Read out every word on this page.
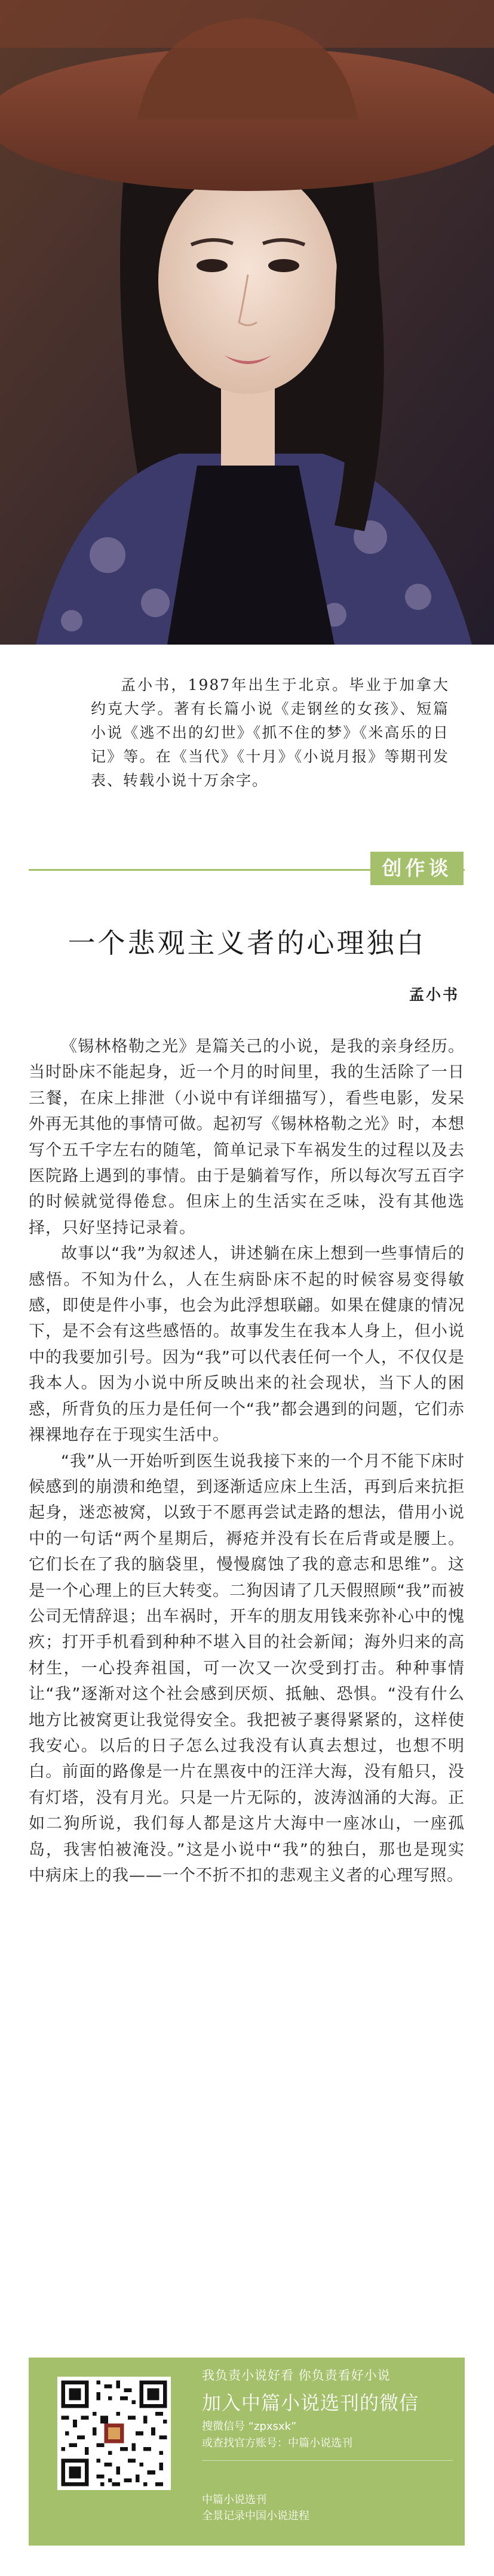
孟小书，1987年出生于北京。毕业于加拿大约克大学。著有长篇小说《走钢丝的女孩》、短篇小说《逃不出的幻世》《抓不住的梦》《米高乐的日记》等。在《当代》《十月》《小说月报》等期刊发表、转载小说十万余字。

创作谈
一个悲观主义者的心理独白
孟小书

《锡林格勒之光》是篇关己的小说，是我的亲身经历。当时卧床不能起身，近一个月的时间里，我的生活除了一日三餐，在床上排泄（小说中有详细描写），看些电影，发呆外再无其他的事情可做。起初写《锡林格勒之光》时，本想写个五千字左右的随笔，简单记录下车祸发生的过程以及去医院路上遇到的事情。由于是躺着写作，所以每次写五百字的时候就觉得倦怠。但床上的生活实在乏味，没有其他选择，只好坚持记录着。

故事以“我”为叙述人，讲述躺在床上想到一些事情后的感悟。不知为什么，人在生病卧床不起的时候容易变得敏感，即使是件小事，也会为此浮想联翩。如果在健康的情况下，是不会有这些感悟的。故事发生在我本人身上，但小说中的我要加引号。因为“我”可以代表任何一个人，不仅仅是我本人。因为小说中所反映出来的社会现状，当下人的困惑，所背负的压力是任何一个“我”都会遇到的问题，它们赤裸裸地存在于现实生活中。

“我”从一开始听到医生说我接下来的一个月不能下床时候感到的崩溃和绝望，到逐渐适应床上生活，再到后来抗拒起身，迷恋被窝，以致于不愿再尝试走路的想法，借用小说中的一句话“两个星期后，褥疮并没有长在后背或是腰上。它们长在了我的脑袋里，慢慢腐蚀了我的意志和思维”。这是一个心理上的巨大转变。二狗因请了几天假照顾“我”而被公司无情辞退；出车祸时，开车的朋友用钱来弥补心中的愧疚；打开手机看到种种不堪入目的社会新闻；海外归来的高材生，一心投奔祖国，可一次又一次受到打击。种种事情让“我”逐渐对这个社会感到厌烦、抵触、恐惧。“没有什么地方比被窝更让我觉得安全。我把被子裹得紧紧的，这样使我安心。以后的日子怎么过我没有认真去想过，也想不明白。前面的路像是一片在黑夜中的汪洋大海，没有船只，没有灯塔，没有月光。只是一片无际的，波涛汹涌的大海。正如二狗所说，我们每人都是这片大海中一座冰山，一座孤岛，我害怕被淹没。”这是小说中“我”的独白，那也是现实中病床上的我——一个不折不扣的悲观主义者的心理写照。

我负责小说好看 你负责看好小说
加入中篇小说选刊的微信
搜微信号 “zpxsxk”
或查找官方账号：中篇小说选刊
中篇小说选刊
全景记录中国小说进程
